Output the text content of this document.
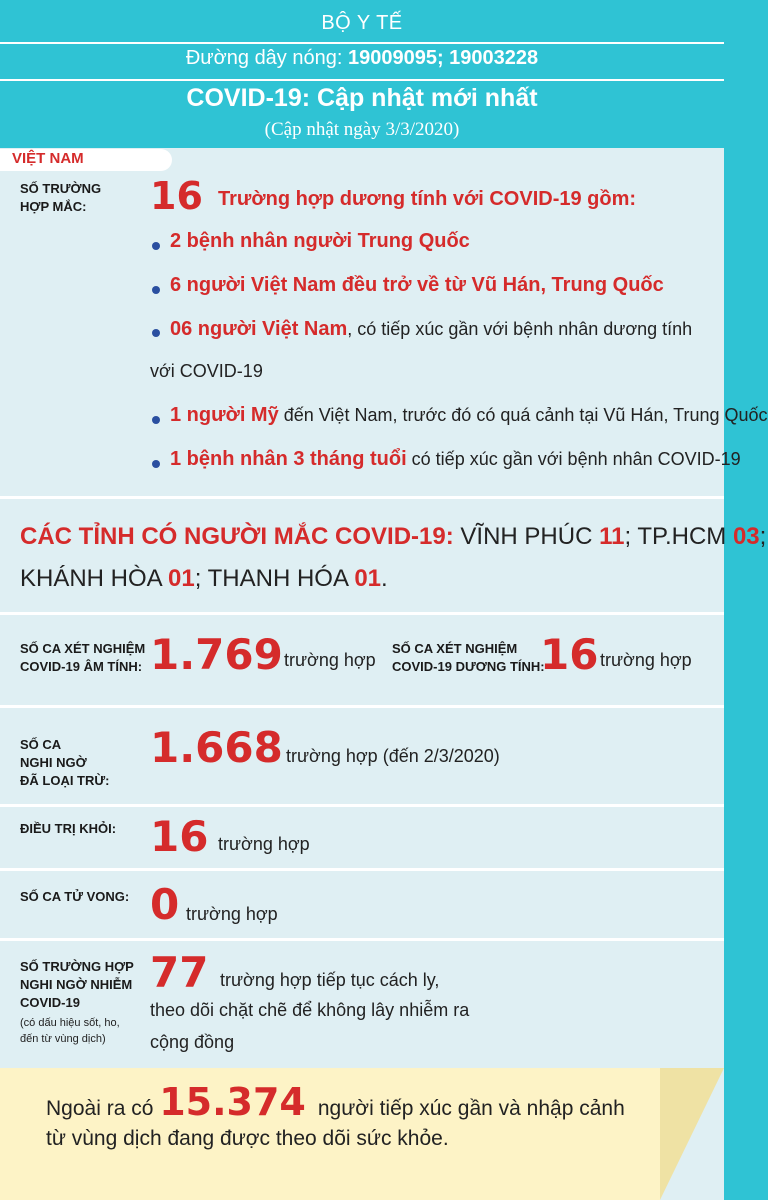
BỘ Y TẾ
Đường dây nóng: 19009095; 19003228
COVID-19: Cập nhật mới nhất
(Cập nhật ngày 3/3/2020)
VIỆT NAM
SỐ TRƯỜNG HỢP MẮC:	16 Trường hợp dương tính với COVID-19 gồm:
2 bệnh nhân người Trung Quốc
6 người Việt Nam đều trở về từ Vũ Hán, Trung Quốc
06 người Việt Nam, có tiếp xúc gần với bệnh nhân dương tính
với COVID-19
1 người Mỹ đến Việt Nam, trước đó có quá cảnh tại Vũ Hán, Trung Quốc
1 bệnh nhân 3 tháng tuổi có tiếp xúc gần với bệnh nhân COVID-19
CÁC TỈNH CÓ NGƯỜI MẮC COVID-19: VĨNH PHÚC 11; TP.HCM 03;
KHÁNH HÒA 01; THANH HÓA 01.
SỐ CA XÉT NGHIỆM
COVID-19 ÂM TÍNH: 1.769 trường hợp
SỐ CA XÉT NGHIỆM
COVID-19 DƯƠNG TÍNH:
16 trường hợp
SỐ CA
NGHI NGỜ
ĐÃ LOẠI TRỪ:
1.668 trường hợp (đến 2/3/2020)
ĐIỀU TRỊ KHỎI: 16 trường hợp
SỐ CA TỬ VONG: 0 trường hợp
SỐ TRƯỜNG HỢP
NGHI NGỜ NHIỄM
COVID-19
(có dấu hiệu sốt, ho,
đến từ vùng dịch)
77 trường hợp tiếp tục cách ly,
theo dõi chặt chẽ để không lây nhiễm ra
cộng đồng
Ngoài ra có 15.374 người tiếp xúc gần và nhập cảnh
từ vùng dịch đang được theo dõi sức khỏe.
